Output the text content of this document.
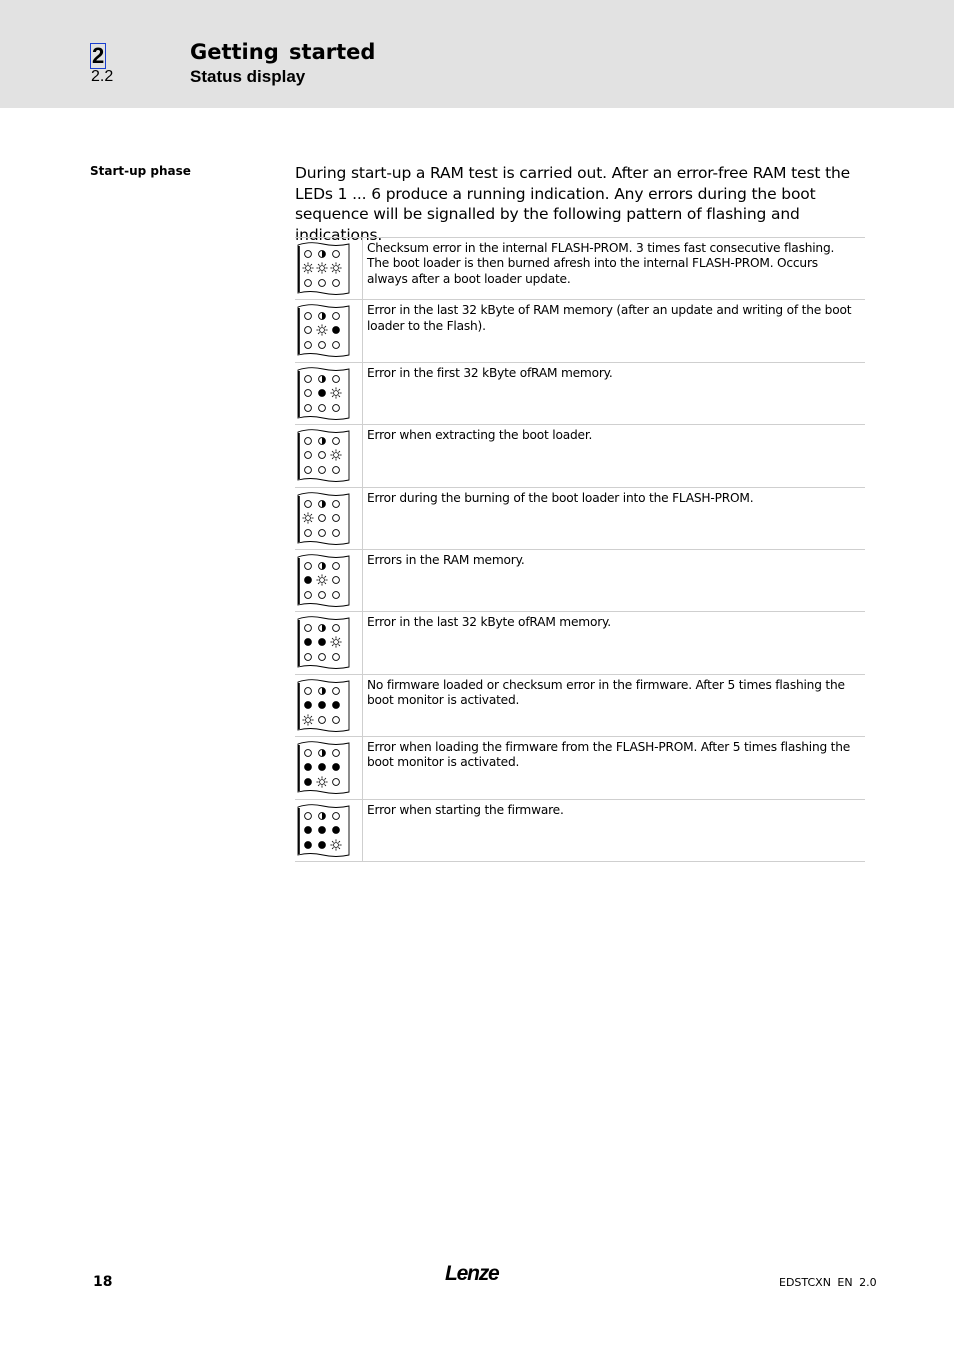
2
2.2
Getting started
Status display
Start-up phase	During start-up a RAM test is carried out. After an error-free RAM test the LEDs 1 ... 6 produce a running indication. Any errors during the boot sequence will be signalled by the following pattern of flashing and indications.
Checksum error in the internal FLASH-PROM. 3 times fast consecutive flashing. The boot loader is then burned afresh into the internal FLASH-PROM. Occurs always after a boot loader update.
Error in the last 32 kByte of RAM memory (after an update and writing of the boot loader to the Flash).
Error in the first 32 kByte ofRAM memory.
Error when extracting the boot loader.
Error during the burning of the boot loader into the FLASH-PROM.
Errors in the RAM memory.
Error in the last 32 kByte ofRAM memory.
No firmware loaded or checksum error in the firmware. After 5 times flashing the boot monitor is activated.
Error when loading the firmware from the FLASH-PROM. After 5 times flashing the boot monitor is activated.
Error when starting the firmware.
18	Lenze	EDSTCXN EN 2.0
